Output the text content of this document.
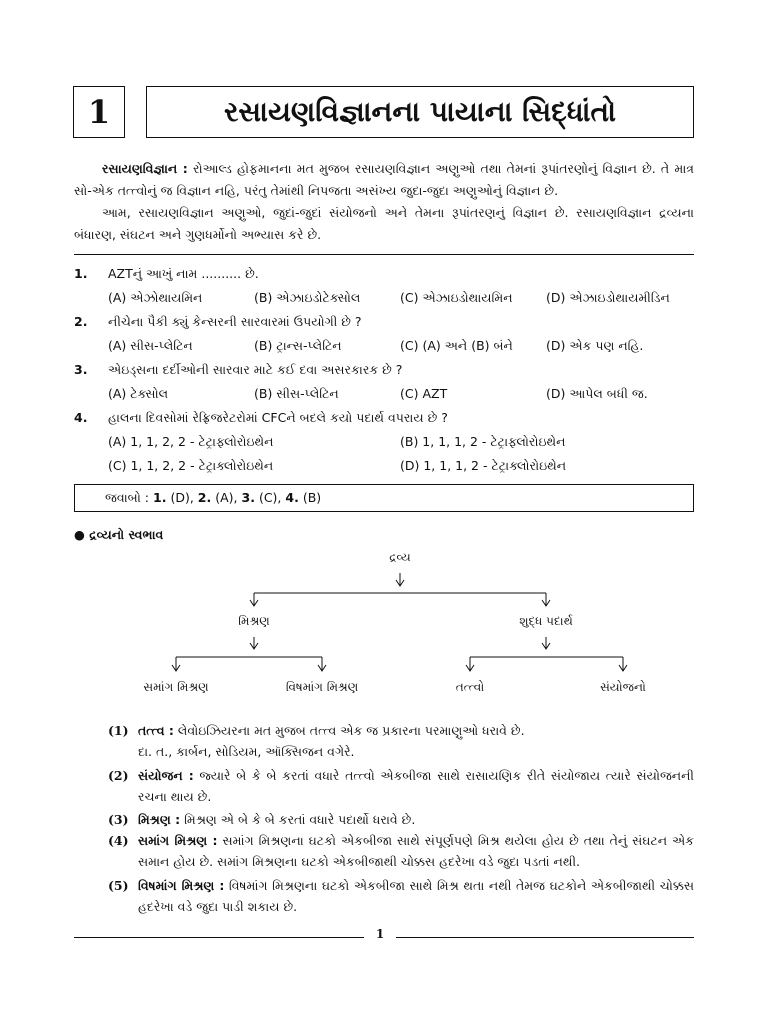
1	રસાયણવિજ્ઞાનના પાયાના સિદ્ધાંતો

રસાયણવિજ્ઞાન : રોઆલ્ડ હોફમાનના મત મુજબ રસાયણવિજ્ઞાન અણુઓ તથા તેમનાં રૂપાંતરણોનું વિજ્ઞાન છે. તે માત્ર સો-એક તત્ત્વોનું જ વિજ્ઞાન નહિ, પરંતુ તેમાંથી નિપજતા અસંખ્ય જુદા-જુદા અણુઓનું વિજ્ઞાન છે.

આમ, રસાયણવિજ્ઞાન અણુઓ, જુદાં-જુદાં સંયોજનો અને તેમના રૂપાંતરણનું વિજ્ઞાન છે. રસાયણવિજ્ઞાન દ્રવ્યના બંધારણ, સંઘટન અને ગુણધર્મોનો અભ્યાસ કરે છે.

1.	AZTનું આખું નામ .......... છે.
(A) એઝોથાયમિન	(B) એઝાઇડોટેક્સોલ	(C) એઝાઇડોથાયમિન	(D) એઝાઇડોથાયમીડિન
2.	નીચેના પૈકી ક્યું કેન્સરની સારવારમાં ઉપયોગી છે ?
(A) સીસ-પ્લેટિન	(B) ટ્રાન્સ-પ્લેટિન	(C) (A) અને (B) બંને	(D) એક પણ નહિ.
3.	એઇડ્સના દર્દીઓની સારવાર માટે કઈ દવા અસરકારક છે ?
(A) ટેક્સોલ	(B) સીસ-પ્લેટિન	(C) AZT	(D) આપેલ બધી જ.
4.	હાલના દિવસોમાં રેફ્રિજરેટરોમાં CFCને બદલે કયો પદાર્થ વપરાય છે ?
(A) 1, 1, 2, 2 - ટેટ્રાફ્લોરોઇથેન	(B) 1, 1, 1, 2 - ટેટ્રાફ્લોરોઇથેન
(C) 1, 1, 2, 2 - ટેટ્રાક્લોરોઇથેન	(D) 1, 1, 1, 2 - ટેટ્રાક્લોરોઇથેન
જવાબો : 1. (D), 2. (A), 3. (C), 4. (B)
● દ્રવ્યનો સ્વભાવ
દ્રવ્ય
મિશ્રણ	શુદ્ધ પદાર્થ
સમાંગ મિશ્રણ	વિષમાંગ મિશ્રણ	તત્ત્વો	સંયોજનો
(1) તત્ત્વ : લેવોઇઝિયરના મત મુજબ તત્ત્વ એક જ પ્રકારના પરમાણુઓ ધરાવે છે.
દા. ત., કાર્બન, સોડિયમ, ઑક્સિજન વગેરે.
(2) સંયોજન : જ્યારે બે કે બે કરતાં વધારે તત્ત્વો એકબીજા સાથે રાસાયણિક રીતે સંયોજાય ત્યારે સંયોજનની રચના થાય છે.
(3) મિશ્રણ : મિશ્રણ એ બે કે બે કરતાં વધારે પદાર્થો ધરાવે છે.
(4) સમાંગ મિશ્રણ : સમાંગ મિશ્રણના ઘટકો એકબીજા સાથે સંપૂર્ણપણે મિશ્ર થયેલા હોય છે તથા તેનું સંઘટન એક સમાન હોય છે. સમાંગ મિશ્રણના ઘટકો એકબીજાથી ચોક્કસ હદરેખા વડે જુદા પડતાં નથી.
(5) વિષમાંગ મિશ્રણ : વિષમાંગ મિશ્રણના ઘટકો એકબીજા સાથે મિશ્ર થતા નથી તેમજ ઘટકોને એકબીજાથી ચોક્કસ હદરેખા વડે જુદા પાડી શકાય છે.
1
